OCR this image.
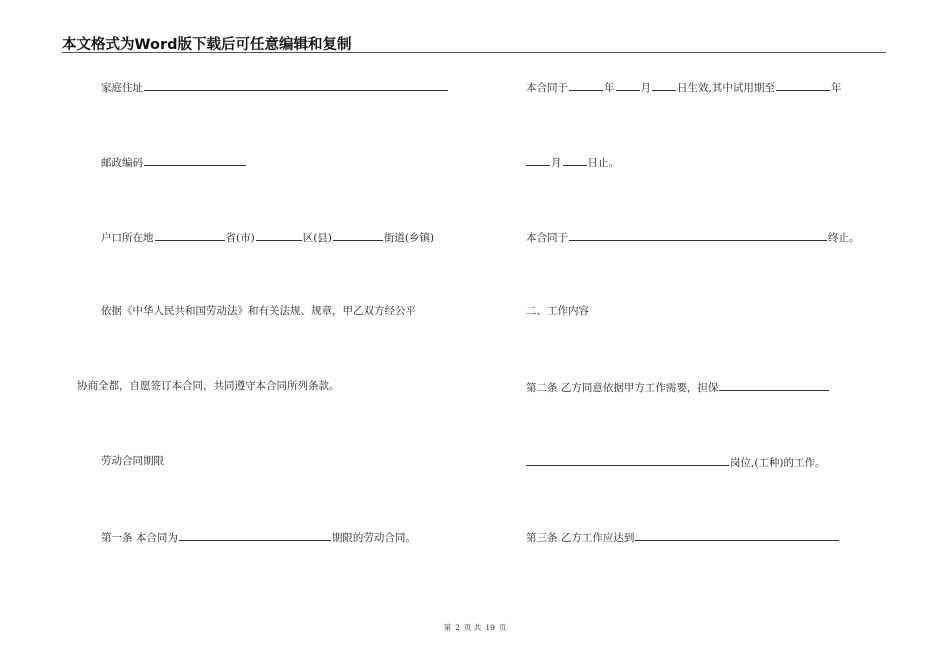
本文格式为Word版下载后可任意编辑和复制
家庭住址
邮政编码
户口所在地	省(市)	区(县)	街道(乡镇)
依据《中华人民共和国劳动法》和有关法规、规章，甲乙双方经公平
协商全都，自愿签订本合同，共同遵守本合同所列条款。
劳动合同期限
第一条 本合同为	期限的劳动合同。
本合同于	年 月 日生效,其中试用期至	年
月 日止。
本合同于	终止。
二、工作内容
第二条 乙方同意依据甲方工作需要，担保
岗位,(工种)的工作。
第三条 乙方工作应达到
第 2 页 共 19 页
